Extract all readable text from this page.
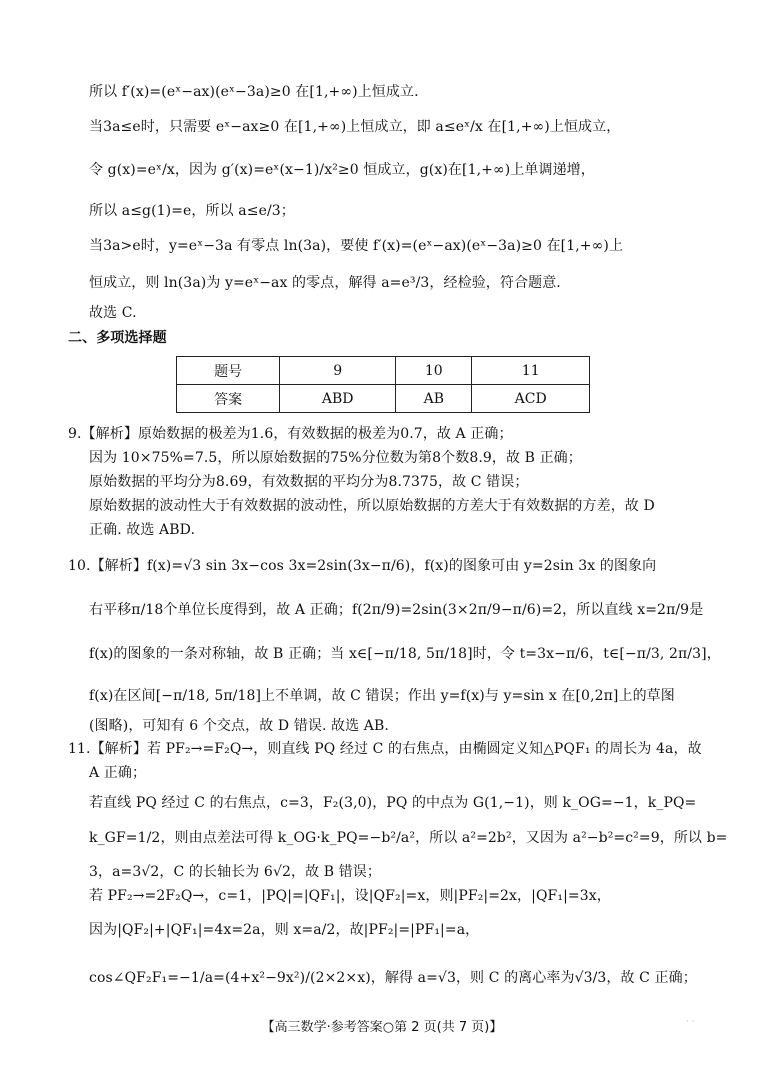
所以 f′(x)=(eˣ−ax)(eˣ−3a)≥0 在[1,+∞)上恒成立.
当3a≤e时，只需要 eˣ−ax≥0 在[1,+∞)上恒成立，即 a≤eˣ/x 在[1,+∞)上恒成立，
令 g(x)=eˣ/x，因为 g′(x)=eˣ(x−1)/x²≥0 恒成立，g(x)在[1,+∞)上单调递增，
所以 a≤g(1)=e，所以 a≤e/3；
当3a>e时，y=eˣ−3a 有零点 ln(3a)，要使 f′(x)=(eˣ−ax)(eˣ−3a)≥0 在[1,+∞)上
恒成立，则 ln(3a)为 y=eˣ−ax 的零点，解得 a=e³/3，经检验，符合题意.
故选 C.
二、多项选择题
题号	9	10	11
答案	ABD	AB	ACD
9.【解析】原始数据的极差为1.6，有效数据的极差为0.7，故 A 正确；
因为 10×75%=7.5，所以原始数据的75%分位数为第8个数8.9，故 B 正确；
原始数据的平均分为8.69，有效数据的平均分为8.7375，故 C 错误；
原始数据的波动性大于有效数据的波动性，所以原始数据的方差大于有效数据的方差，故 D
正确. 故选 ABD.
10.【解析】f(x)=√3 sin 3x−cos 3x=2sin(3x−π/6)，f(x)的图象可由 y=2sin 3x 的图象向
右平移π/18个单位长度得到，故 A 正确；f(2π/9)=2sin(3×2π/9−π/6)=2，所以直线 x=2π/9是
f(x)的图象的一条对称轴，故 B 正确；当 x∈[−π/18, 5π/18]时，令 t=3x−π/6，t∈[−π/3, 2π/3]，
f(x)在区间[−π/18, 5π/18]上不单调，故 C 错误；作出 y=f(x)与 y=sin x 在[0,2π]上的草图
(图略)，可知有 6 个交点，故 D 错误. 故选 AB.
11.【解析】若 PF₂→=F₂Q→，则直线 PQ 经过 C 的右焦点，由椭圆定义知△PQF₁ 的周长为 4a，故
A 正确；
若直线 PQ 经过 C 的右焦点，c=3，F₂(3,0)，PQ 的中点为 G(1,−1)，则 k_OG=−1，k_PQ=
k_GF=1/2，则由点差法可得 k_OG·k_PQ=−b²/a²，所以 a²=2b²，又因为 a²−b²=c²=9，所以 b=
3，a=3√2，C 的长轴长为 6√2，故 B 错误；
若 PF₂→=2F₂Q→，c=1，|PQ|=|QF₁|，设|QF₂|=x，则|PF₂|=2x，|QF₁|=3x，
因为|QF₂|+|QF₁|=4x=2a，则 x=a/2，故|PF₂|=|PF₁|=a，
cos∠QF₂F₁=−1/a=(4+x²−9x²)/(2×2×x)，解得 a=√3，则 C 的离心率为√3/3，故 C 正确；
【高三数学·参考答案○第 2 页(共 7 页)】	· ·
